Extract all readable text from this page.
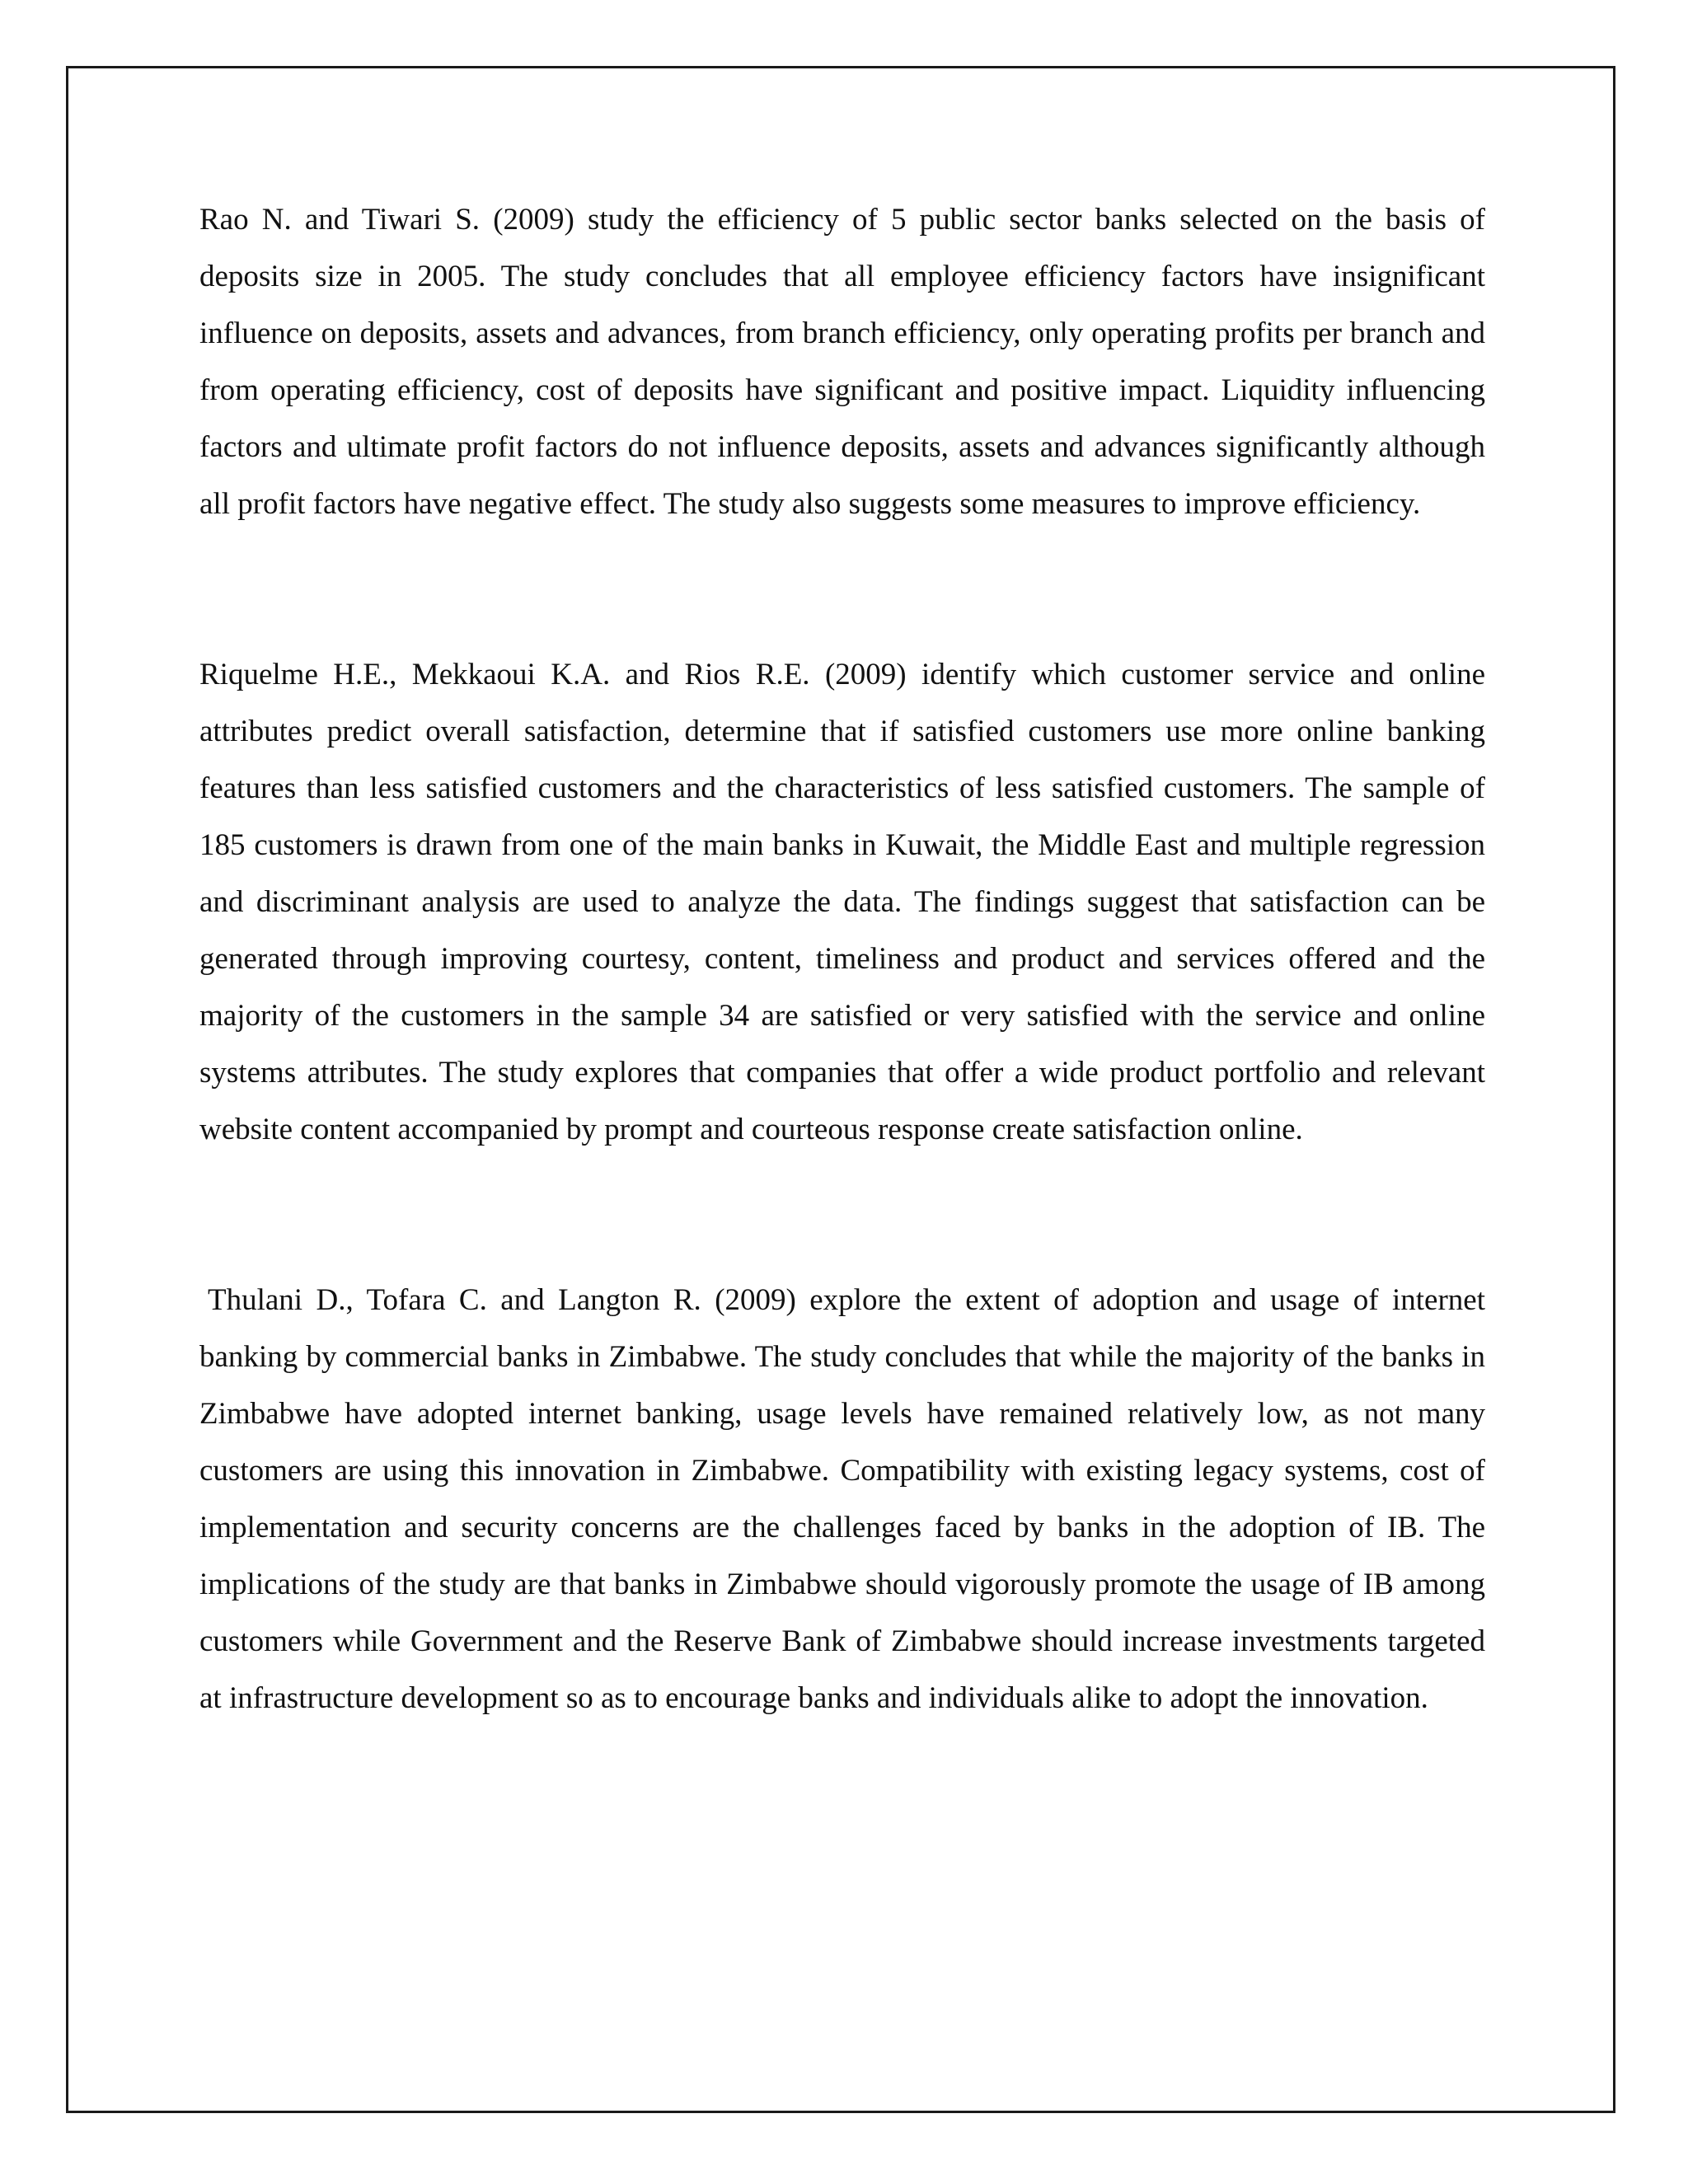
Rao N. and Tiwari S. (2009) study the efficiency of 5 public sector banks selected on the basis of deposits size in 2005. The study concludes that all employee efficiency factors have insignificant influence on deposits, assets and advances, from branch efficiency, only operating profits per branch and from operating efficiency, cost of deposits have significant and positive impact. Liquidity influencing factors and ultimate profit factors do not influence deposits, assets and advances significantly although all profit factors have negative effect. The study also suggests some measures to improve efficiency.

Riquelme H.E., Mekkaoui K.A. and Rios R.E. (2009) identify which customer service and online attributes predict overall satisfaction, determine that if satisfied customers use more online banking features than less satisfied customers and the characteristics of less satisfied customers. The sample of 185 customers is drawn from one of the main banks in Kuwait, the Middle East and multiple regression and discriminant analysis are used to analyze the data. The findings suggest that satisfaction can be generated through improving courtesy, content, timeliness and product and services offered and the majority of the customers in the sample 34 are satisfied or very satisfied with the service and online systems attributes. The study explores that companies that offer a wide product portfolio and relevant website content accompanied by prompt and courteous response create satisfaction online.

Thulani D., Tofara C. and Langton R. (2009) explore the extent of adoption and usage of internet banking by commercial banks in Zimbabwe. The study concludes that while the majority of the banks in Zimbabwe have adopted internet banking, usage levels have remained relatively low, as not many customers are using this innovation in Zimbabwe. Compatibility with existing legacy systems, cost of implementation and security concerns are the challenges faced by banks in the adoption of IB. The implications of the study are that banks in Zimbabwe should vigorously promote the usage of IB among customers while Government and the Reserve Bank of Zimbabwe should increase investments targeted at infrastructure development so as to encourage banks and individuals alike to adopt the innovation.
